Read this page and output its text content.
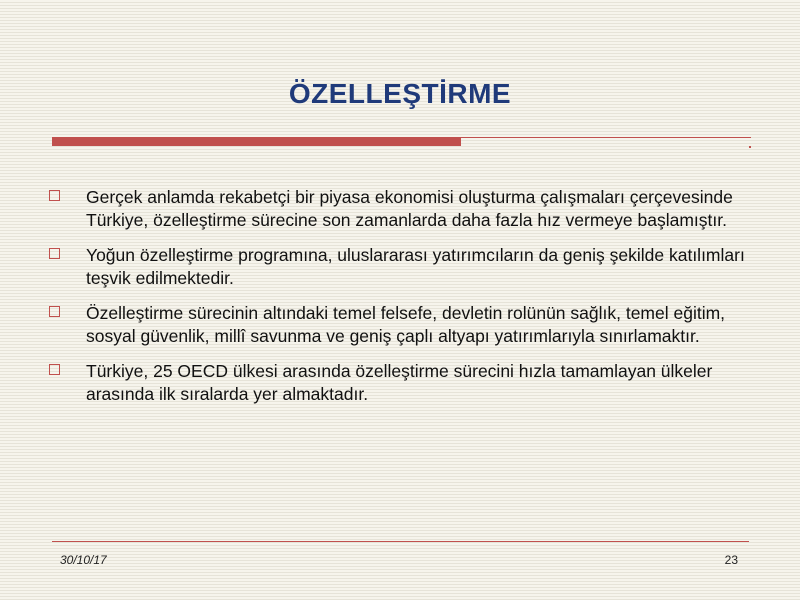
ÖZELLEŞTİRME
Gerçek anlamda rekabetçi bir piyasa ekonomisi oluşturma çalışmaları çerçevesinde Türkiye, özelleştirme sürecine son zamanlarda daha fazla hız vermeye başlamıştır.
Yoğun özelleştirme programına, uluslararası yatırımcıların da geniş şekilde katılımları teşvik edilmektedir.
Özelleştirme sürecinin altındaki temel felsefe, devletin rolünün sağlık, temel eğitim, sosyal güvenlik, millî savunma ve geniş çaplı altyapı yatırımlarıyla sınırlamaktır.
Türkiye, 25 OECD ülkesi arasında özelleştirme sürecini hızla tamamlayan ülkeler arasında ilk sıralarda yer almaktadır.
30/10/17	23
